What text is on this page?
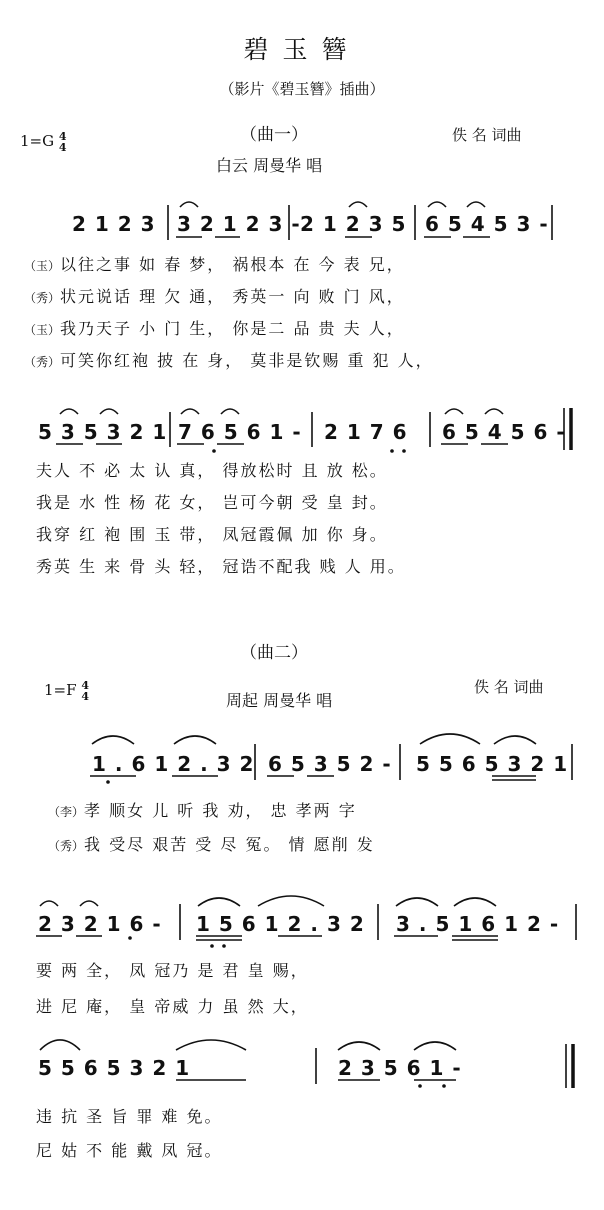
碧玉簪
（影片《碧玉簪》插曲）
（曲一）
1=G 4
4
佚 名 词曲
白云 周曼华 唱
2 1 2 3 3 2 1 2 3 - 2 1 2 3 5 6 5 4 5 3 -
（玉）以往之事 如 春 梦， 祸根本 在 今 表 兄，
（秀）状元说话 理 欠 通， 秀英一 向 败 门 风，
（玉）我乃天子 小 门 生， 你是二 品 贵 夫 人，
（秀）可笑你红袍 披 在 身， 莫非是钦赐 重 犯 人，
5 3 5 3 2 1 7 6 5 6 1 - 2 1 7 6 6 5 4 5 6 -
夫人 不 必 太 认 真， 得放松时 且 放 松。
我是 水 性 杨 花 女， 岂可今朝 受 皇 封。
我穿 红 袍 围 玉 带， 凤冠霞佩 加 你 身。
秀英 生 来 骨 头 轻， 冠诰不配我 贱 人 用。
（曲二）
1=F 4
4
佚 名 词曲
周起 周曼华 唱
1 . 6 1 2 . 3 2 6 5 3 5 2 - 5 5 6 5 3 2 1
（李）孝 顺女 儿 听 我 劝， 忠 孝两 字
（秀）我 受尽 艰苦 受 尽 冤。 情 愿削 发
2 3 2 1 6 - 1 5 6 1 2 . 3 2 3 . 5 1 6 1 2 -
要 两 全， 凤 冠乃 是 君 皇 赐，
进 尼 庵， 皇 帝威 力 虽 然 大，
5 5 6 5 3 2 1	2 3 5 6 1 -
违 抗 圣 旨 罪 难 免。
尼 姑 不 能 戴 凤 冠。
